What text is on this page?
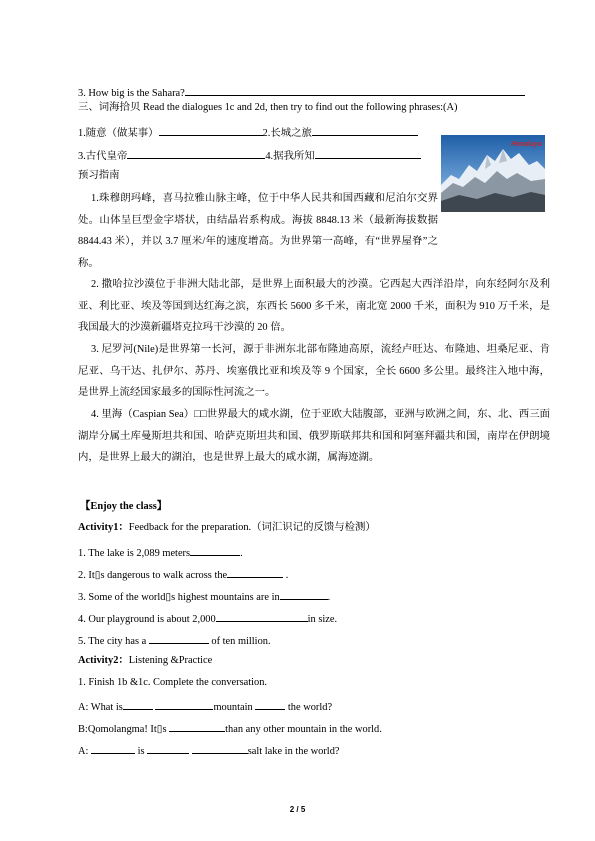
3. How big is the Sahara?
三、词海拾贝 Read the dialogues 1c and 2d, then try to find out the following phrases:(A)
1.随意（做某事）	2.长城之旅
3.古代皇帝	4.据我所知
预习指南
Himalaya
1.珠穆朗玛峰，喜马拉雅山脉主峰，位于中华人民共和国西藏和尼泊尔交界处。山体呈巨型金字塔状，由结晶岩系构成。海拔 8848.13 米（最新海拔数据 8844.43 米），并以 3.7 厘米/年的速度增高。为世界第一高峰，有“世界屋脊”之称。
2. 撒哈拉沙漠位于非洲大陆北部，是世界上面积最大的沙漠。它西起大西洋沿岸，向东经阿尔及利亚、利比亚、埃及等国到达红海之滨，东西长 5600 多千米，南北宽 2000 千米，面积为 910 万千米，是我国最大的沙漠新疆塔克拉玛干沙漠的 20 倍。
3. 尼罗河(Nile)是世界第一长河，源于非洲东北部布隆迪高原，流经卢旺达、布隆迪、坦桑尼亚、肯尼亚、乌干达、扎伊尔、苏丹、埃塞俄比亚和埃及等 9 个国家，全长 6600 多公里。最终注入地中海，是世界上流经国家最多的国际性河流之一。
4. 里海（Caspian Sea）□□世界最大的咸水湖，位于亚欧大陆腹部，亚洲与欧洲之间，东、北、西三面湖岸分属土库曼斯坦共和国、哈萨克斯坦共和国、俄罗斯联邦共和国和阿塞拜疆共和国，南岸在伊朗境内，是世界上最大的湖泊，也是世界上最大的咸水湖，属海迹湖。
【Enjoy the class】
Activity1：Feedback for the preparation.（词汇识记的反馈与检测）
1. The lake is 2,089 meters	.
2. It▯s dangerous to walk across the	.
3. Some of the world▯s highest mountains are in	.
4. Our playground is about 2,000	in size.
5. The city has a	of ten million.
Activity2：Listening &Practice
1. Finish 1b &1c. Complete the conversation.
A: What is	mountain	the world?
B:Qomolangma! It▯s	than any other mountain in the world.
A:	is	salt lake in the world?
2 / 5
